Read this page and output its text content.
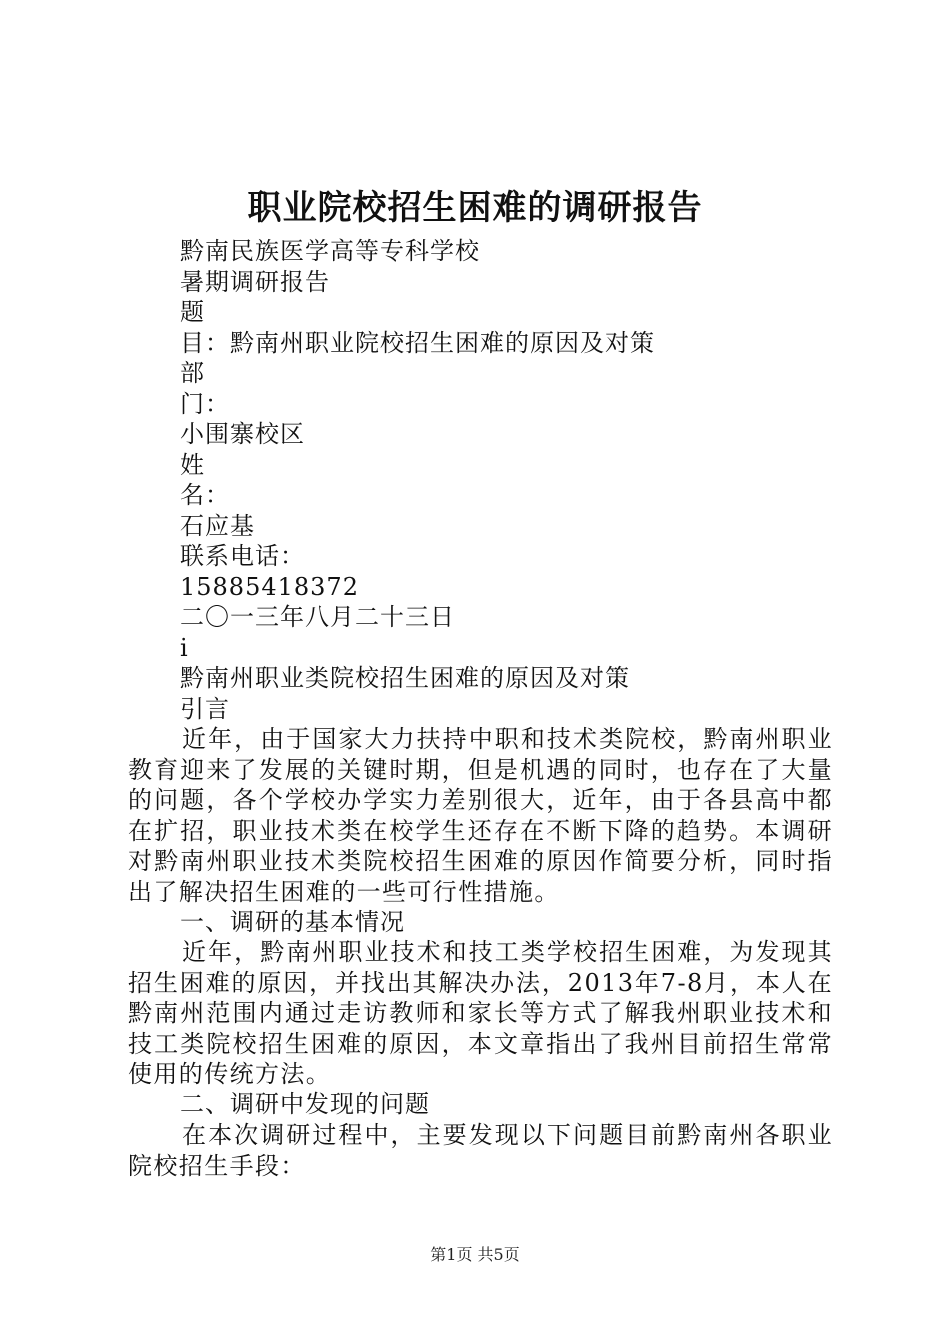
职业院校招生困难的调研报告
黔南民族医学高等专科学校
暑期调研报告
题
目：黔南州职业院校招生困难的原因及对策
部
门：
小围寨校区
姓
名：
石应基
联系电话：
15885418372
二〇一三年八月二十三日
i
黔南州职业类院校招生困难的原因及对策
引言

近年，由于国家大力扶持中职和技术类院校，黔南州职业教育迎来了发展的关键时期，但是机遇的同时，也存在了大量的问题，各个学校办学实力差别很大，近年，由于各县高中都在扩招，职业技术类在校学生还存在不断下降的趋势。本调研对黔南州职业技术类院校招生困难的原因作简要分析，同时指出了解决招生困难的一些可行性措施。

一、调研的基本情况

近年，黔南州职业技术和技工类学校招生困难，为发现其招生困难的原因，并找出其解决办法，2013年7-8月，本人在黔南州范围内通过走访教师和家长等方式了解我州职业技术和技工类院校招生困难的原因，本文章指出了我州目前招生常常使用的传统方法。

二、调研中发现的问题

在本次调研过程中，主要发现以下问题目前黔南州各职业院校招生手段：

第1页 共5页
